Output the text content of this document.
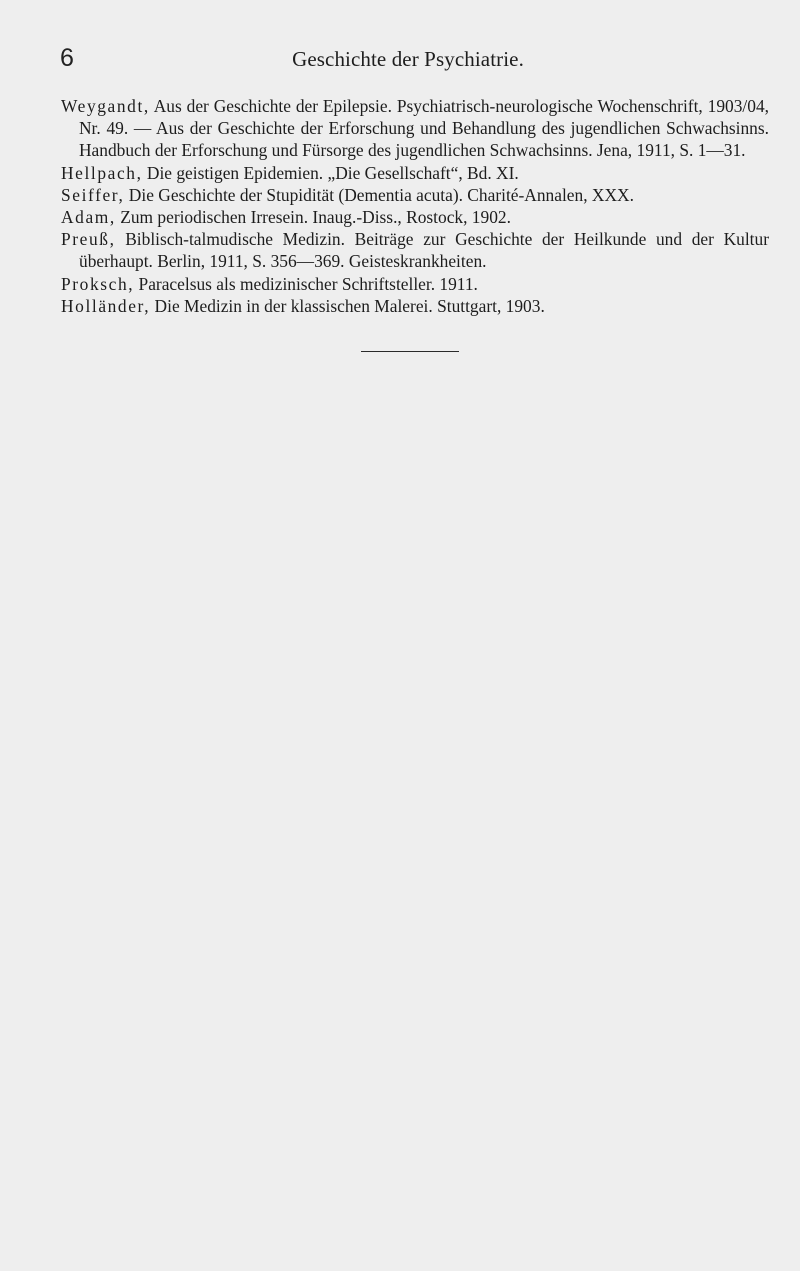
6	Geschichte der Psychiatrie.
Weygandt, Aus der Geschichte der Epilepsie. Psychiatrisch-neurologische Wochenschrift, 1903/04, Nr. 49. — Aus der Geschichte der Erforschung und Behandlung des jugendlichen Schwachsinns. Handbuch der Erforschung und Fürsorge des jugendlichen Schwachsinns. Jena, 1911, S. 1—31.
Hellpach, Die geistigen Epidemien. „Die Gesellschaft“, Bd. XI.
Seiffer, Die Geschichte der Stupidität (Dementia acuta). Charité-Annalen, XXX.
Adam, Zum periodischen Irresein. Inaug.-Diss., Rostock, 1902.
Preuß, Biblisch-talmudische Medizin. Beiträge zur Geschichte der Heilkunde und der Kultur überhaupt. Berlin, 1911, S. 356—369. Geisteskrankheiten.
Proksch, Paracelsus als medizinischer Schriftsteller. 1911.
Holländer, Die Medizin in der klassischen Malerei. Stuttgart, 1903.
